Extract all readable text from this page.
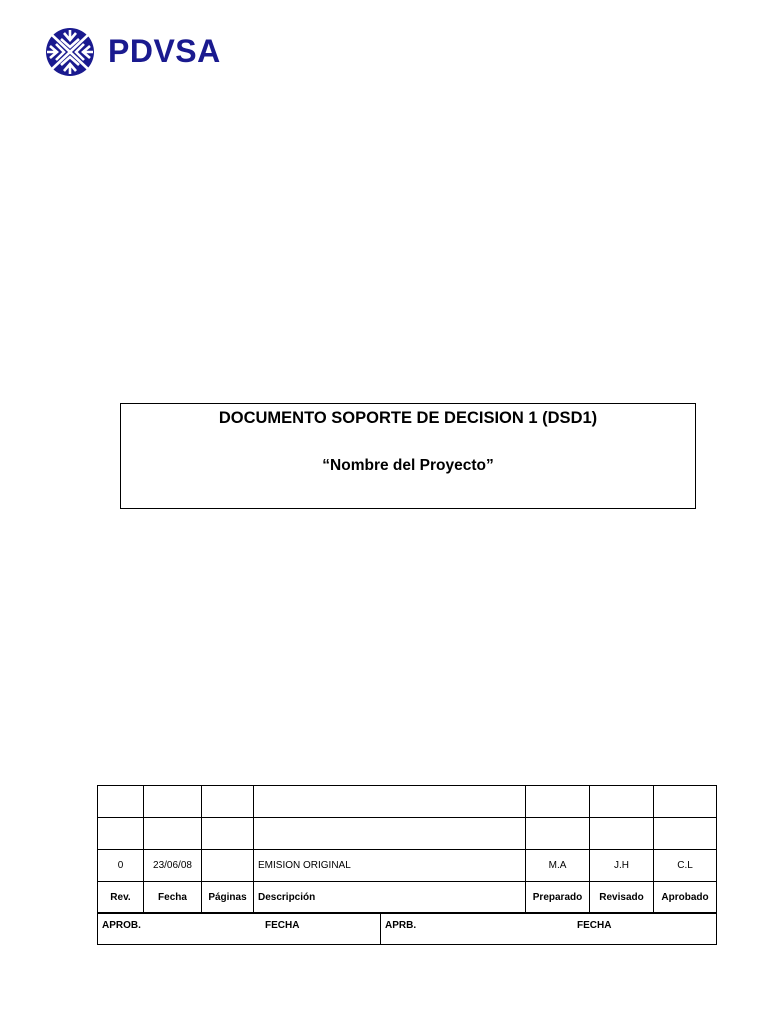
PDVSA
DOCUMENTO SOPORTE DE DECISION 1 (DSD1)
“Nombre del Proyecto”

0	23/06/08		EMISION ORIGINAL	M.A	J.H	C.L
Rev.	Fecha	Páginas	Descripción	Preparado	Revisado	Aprobado
APROB.	FECHA	APRB.	FECHA
